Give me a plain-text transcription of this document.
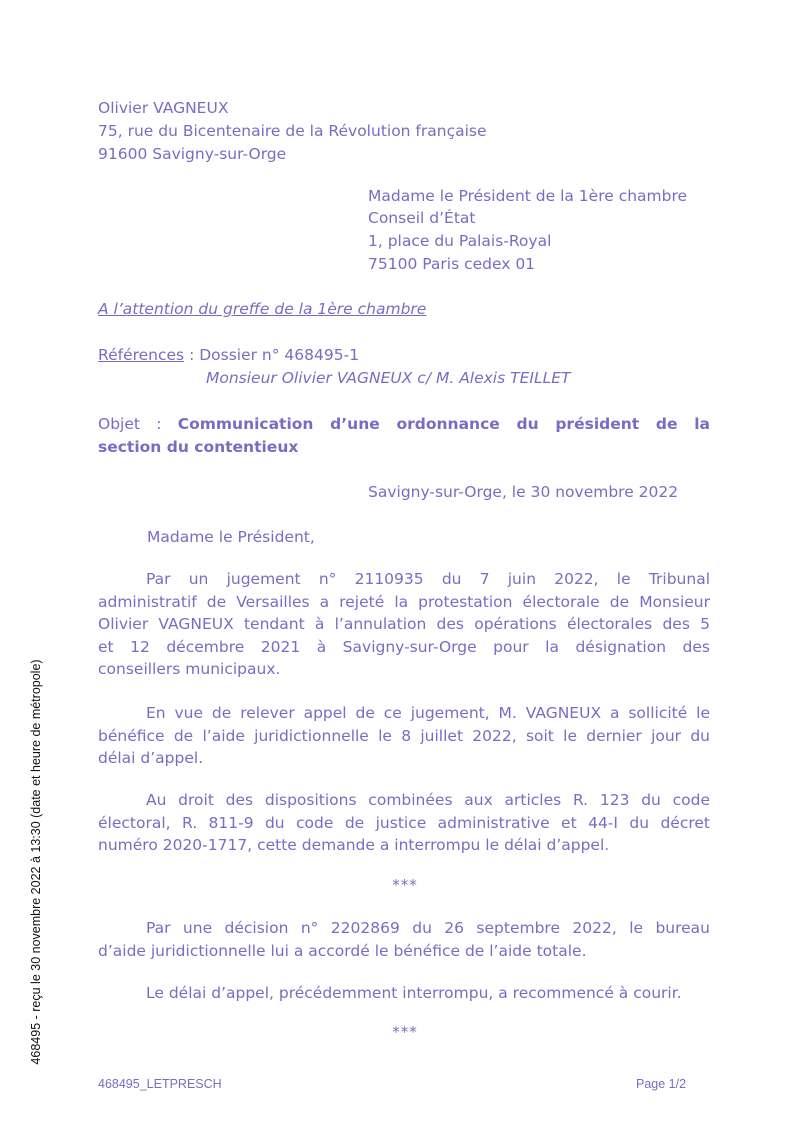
468495 - reçu le 30 novembre 2022 à 13:30 (date et heure de métropole)
Olivier VAGNEUX
75, rue du Bicentenaire de la Révolution française
91600 Savigny-sur-Orge
Madame le Président de la 1ère chambre
Conseil d’État
1, place du Palais-Royal
75100 Paris cedex 01
A l’attention du greffe de la 1ère chambre
Références : Dossier n° 468495-1
Monsieur Olivier VAGNEUX c/ M. Alexis TEILLET
Objet : Communication d’une ordonnance du président de la
section du contentieux
Savigny-sur-Orge, le 30 novembre 2022
Madame le Président,
Par un jugement n° 2110935 du 7 juin 2022, le Tribunal
administratif de Versailles a rejeté la protestation électorale de Monsieur
Olivier VAGNEUX tendant à l’annulation des opérations électorales des 5
et 12 décembre 2021 à Savigny-sur-Orge pour la désignation des
conseillers municipaux.
En vue de relever appel de ce jugement, M. VAGNEUX a sollicité le
bénéfice de l’aide juridictionnelle le 8 juillet 2022, soit le dernier jour du
délai d’appel.
Au droit des dispositions combinées aux articles R. 123 du code
électoral, R. 811-9 du code de justice administrative et 44-I du décret
numéro 2020-1717, cette demande a interrompu le délai d’appel.
***
Par une décision n° 2202869 du 26 septembre 2022, le bureau
d’aide juridictionnelle lui a accordé le bénéfice de l’aide totale.
Le délai d’appel, précédemment interrompu, a recommencé à courir.
***
468495_LETPRESCH	Page 1/2
